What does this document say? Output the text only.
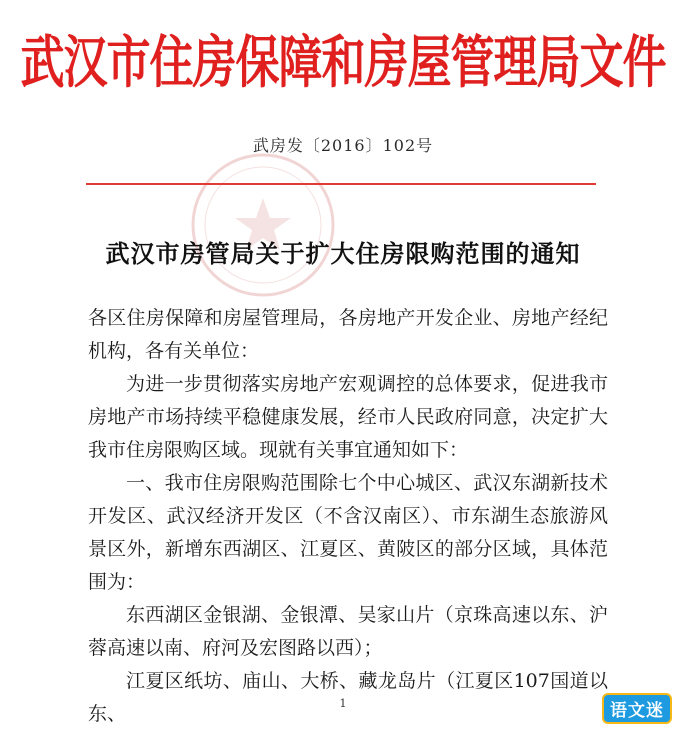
武汉市住房保障和房屋管理局文件
武房发〔2016〕102号
武汉市房管局关于扩大住房限购范围的通知

各区住房保障和房屋管理局，各房地产开发企业、房地产经纪机构，各有关单位：

为进一步贯彻落实房地产宏观调控的总体要求，促进我市房地产市场持续平稳健康发展，经市人民政府同意，决定扩大我市住房限购区域。现就有关事宜通知如下：

一、我市住房限购范围除七个中心城区、武汉东湖新技术开发区、武汉经济开发区（不含汉南区）、市东湖生态旅游风景区外，新增东西湖区、江夏区、黄陂区的部分区域，具体范围为：

东西湖区金银湖、金银潭、吴家山片（京珠高速以东、沪蓉高速以南、府河及宏图路以西）；

江夏区纸坊、庙山、大桥、藏龙岛片（江夏区107国道以东、	1	语文迷
